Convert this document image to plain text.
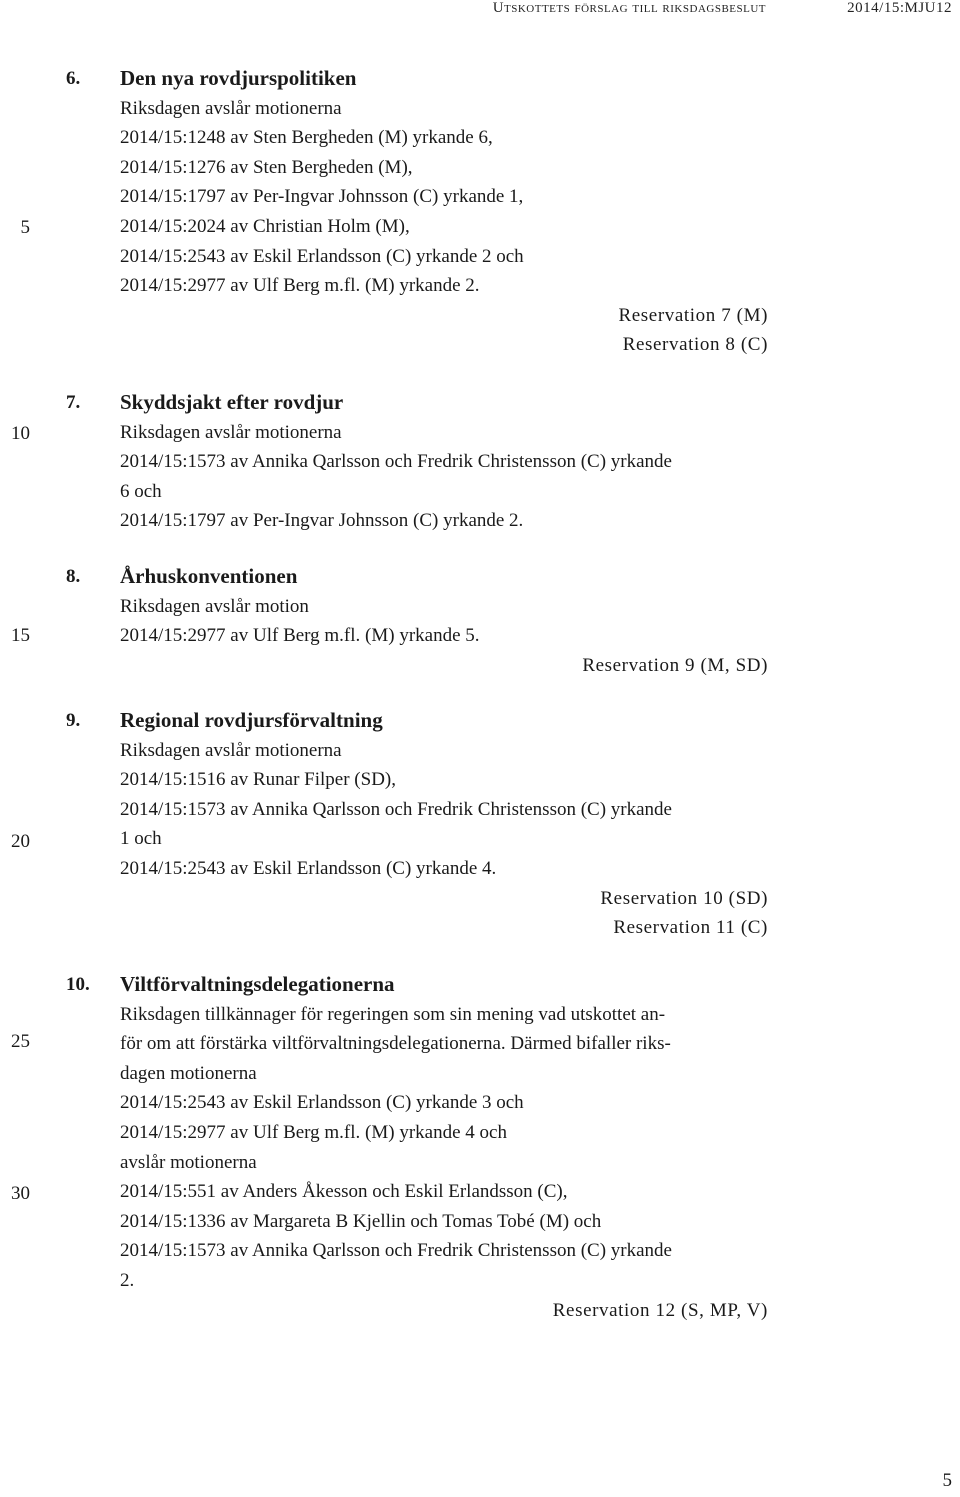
Utskottets förslag till riksdagsbeslut	2014/15:MJU12
5
10
15
20
25
30
6. Den nya rovdjurspolitiken
Riksdagen avslår motionerna
2014/15:1248 av Sten Bergheden (M) yrkande 6,
2014/15:1276 av Sten Bergheden (M),
2014/15:1797 av Per-Ingvar Johnsson (C) yrkande 1,
2014/15:2024 av Christian Holm (M),
2014/15:2543 av Eskil Erlandsson (C) yrkande 2 och
2014/15:2977 av Ulf Berg m.fl. (M) yrkande 2.
Reservation 7 (M)
Reservation 8 (C)
7. Skyddsjakt efter rovdjur
Riksdagen avslår motionerna
2014/15:1573 av Annika Qarlsson och Fredrik Christensson (C) yrkande
6 och
2014/15:1797 av Per-Ingvar Johnsson (C) yrkande 2.
8. Århuskonventionen
Riksdagen avslår motion
2014/15:2977 av Ulf Berg m.fl. (M) yrkande 5.
Reservation 9 (M, SD)
9. Regional rovdjursförvaltning
Riksdagen avslår motionerna
2014/15:1516 av Runar Filper (SD),
2014/15:1573 av Annika Qarlsson och Fredrik Christensson (C) yrkande
1 och
2014/15:2543 av Eskil Erlandsson (C) yrkande 4.
Reservation 10 (SD)
Reservation 11 (C)
10. Viltförvaltningsdelegationerna
Riksdagen tillkännager för regeringen som sin mening vad utskottet an-
för om att förstärka viltförvaltningsdelegationerna. Därmed bifaller riks-
dagen motionerna
2014/15:2543 av Eskil Erlandsson (C) yrkande 3 och
2014/15:2977 av Ulf Berg m.fl. (M) yrkande 4 och
avslår motionerna
2014/15:551 av Anders Åkesson och Eskil Erlandsson (C),
2014/15:1336 av Margareta B Kjellin och Tomas Tobé (M) och
2014/15:1573 av Annika Qarlsson och Fredrik Christensson (C) yrkande
2.
Reservation 12 (S, MP, V)
5
